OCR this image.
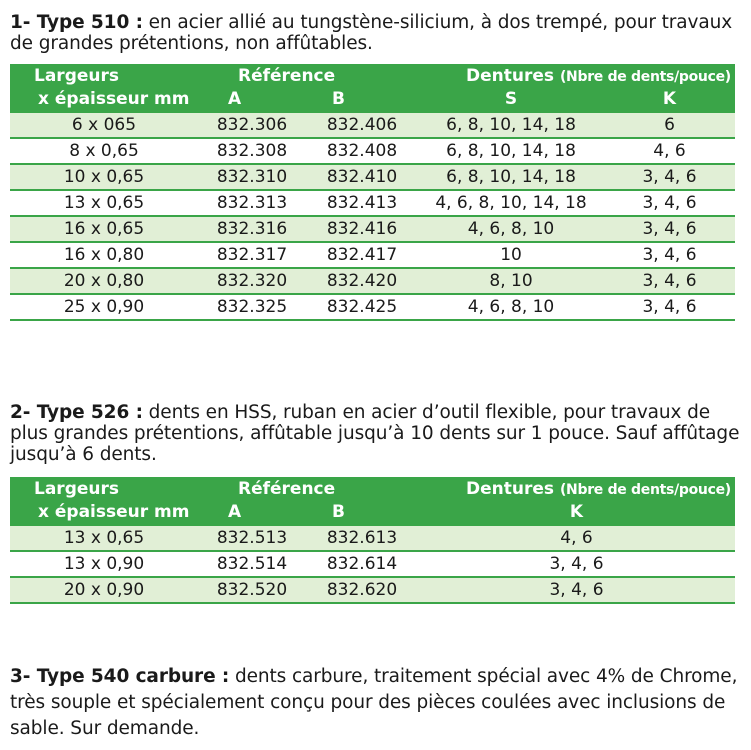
1- Type 510 : en acier allié au tungstène-silicium, à dos trempé, pour travaux de grandes prétentions, non affûtables.

Largeurs	Référence		Dentures (Nbre de dents/pouce)	
x épaisseur mm	A	B	S	K
6 x 065	832.306	832.406	6, 8, 10, 14, 18	6
8 x 0,65	832.308	832.408	6, 8, 10, 14, 18	4, 6
10 x 0,65	832.310	832.410	6, 8, 10, 14, 18	3, 4, 6
13 x 0,65	832.313	832.413	4, 6, 8, 10, 14, 18	3, 4, 6
16 x 0,65	832.316	832.416	4, 6, 8, 10	3, 4, 6
16 x 0,80	832.317	832.417	10	3, 4, 6
20 x 0,80	832.320	832.420	8, 10	3, 4, 6
25 x 0,90	832.325	832.425	4, 6, 8, 10	3, 4, 6

2- Type 526 : dents en HSS, ruban en acier d’outil flexible, pour travaux de plus grandes prétentions, affûtable jusqu’à 10 dents sur 1 pouce. Sauf affûtage jusqu’à 6 dents.

Largeurs	Référence		Dentures (Nbre de dents/pouce)
x épaisseur mm	A	B	K
13 x 0,65	832.513	832.613	4, 6
13 x 0,90	832.514	832.614	3, 4, 6
20 x 0,90	832.520	832.620	3, 4, 6

3- Type 540 carbure : dents carbure, traitement spécial avec 4% de Chrome, très souple et spécialement conçu pour des pièces coulées avec inclusions de sable. Sur demande.
